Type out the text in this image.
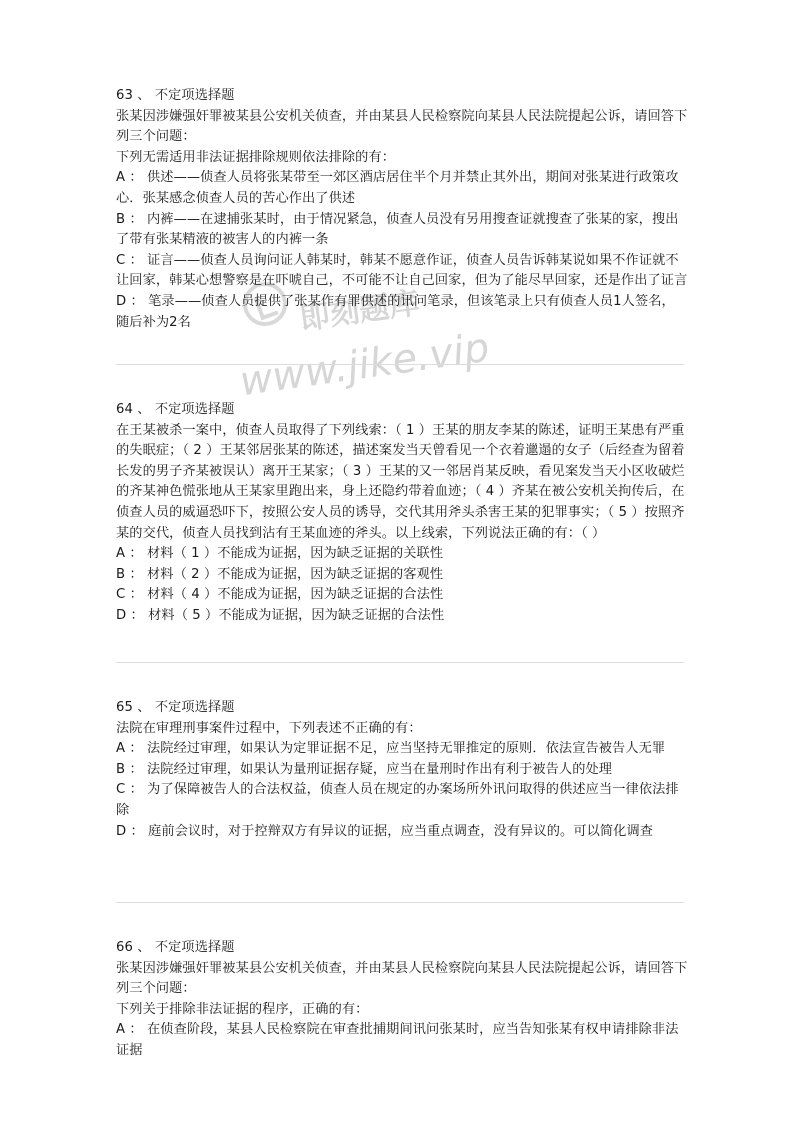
即刻题库
www.jike.vip
63 、 不定项选择题
张某因涉嫌强奸罪被某县公安机关侦查，并由某县人民检察院向某县人民法院提起公诉，请回答下列三个问题：
下列无需适用非法证据排除规则依法排除的有：
A ： 供述——侦查人员将张某带至一郊区酒店居住半个月并禁止其外出，期间对张某进行政策攻心．张某感念侦查人员的苦心作出了供述
B ： 内裤——在逮捕张某时，由于情况紧急，侦查人员没有另用搜查证就搜查了张某的家，搜出了带有张某精液的被害人的内裤一条
C ： 证言——侦查人员询问证人韩某时，韩某不愿意作证，侦查人员告诉韩某说如果不作证就不让回家，韩某心想警察是在吓唬自己，不可能不让自己回家，但为了能尽早回家，还是作出了证言
D ： 笔录——侦查人员提供了张某作有罪供述的讯问笔录，但该笔录上只有侦查人员1人签名，随后补为2名
64 、 不定项选择题
在王某被杀一案中，侦查人员取得了下列线索：（ 1 ）王某的朋友李某的陈述，证明王某患有严重的失眠症；（ 2 ）王某邻居张某的陈述，描述案发当天曾看见一个衣着邋遢的女子（后经查为留着长发的男子齐某被误认）离开王某家；（ 3 ）王某的又一邻居肖某反映，看见案发当天小区收破烂的齐某神色慌张地从王某家里跑出来，身上还隐约带着血迹；（ 4 ）齐某在被公安机关拘传后，在侦查人员的威逼恐吓下，按照公安人员的诱导，交代其用斧头杀害王某的犯罪事实；（ 5 ）按照齐某的交代，侦查人员找到沾有王某血迹的斧头。以上线索，下列说法正确的有：（ ）
A ： 材料（ 1 ）不能成为证据，因为缺乏证据的关联性
B ： 材料（ 2 ）不能成为证据，因为缺乏证据的客观性
C ： 材料（ 4 ）不能成为证据，因为缺乏证据的合法性
D ： 材料（ 5 ）不能成为证据，因为缺乏证据的合法性
65 、 不定项选择题
法院在审理刑事案件过程中，下列表述不正确的有：
A ： 法院经过审理，如果认为定罪证据不足，应当坚持无罪推定的原则．依法宣告被告人无罪
B ： 法院经过审理，如果认为量刑证据存疑，应当在量刑时作出有利于被告人的处理
C ： 为了保障被告人的合法权益，侦查人员在规定的办案场所外讯问取得的供述应当一律依法排除
D ： 庭前会议时，对于控辩双方有异议的证据，应当重点调查，没有异议的。可以简化调查
66 、 不定项选择题
张某因涉嫌强奸罪被某县公安机关侦查，并由某县人民检察院向某县人民法院提起公诉，请回答下列三个问题：
下列关于排除非法证据的程序，正确的有：
A ： 在侦查阶段，某县人民检察院在审查批捕期间讯问张某时，应当告知张某有权申请排除非法证据
